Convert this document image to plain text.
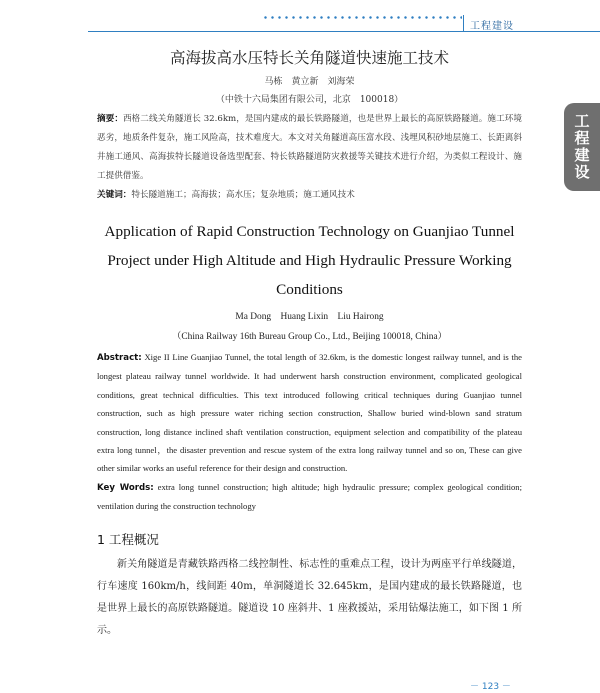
工程建设
工程建设
高海拔高水压特长关角隧道快速施工技术

马栋　黄立新　刘海荣

（中铁十六局集团有限公司，北京　100018）

摘要：西格二线关角隧道长 32.6km，是国内建成的最长铁路隧道，也是世界上最长的高原铁路隧道。施工环境恶劣，地质条件复杂，施工风险高，技术难度大。本文对关角隧道高压富水段、浅埋风积砂地层施工、长距离斜井施工通风、高海拔特长隧道设备选型配套、特长铁路隧道防灾救援等关键技术进行介绍，为类似工程设计、施工提供借鉴。

关键词：特长隧道施工；高海拔；高水压；复杂地质；施工通风技术

Application of Rapid Construction Technology on Guanjiao Tunnel Project under High Altitude and High Hydraulic Pressure Working Conditions

Ma Dong　Huang Lixin　Liu Hairong

（China Railway 16th Bureau Group Co., Ltd., Beijing 100018, China）

Abstract: Xige II Line Guanjiao Tunnel, the total length of 32.6km, is the domestic longest railway tunnel, and is the longest plateau railway tunnel worldwide. It had underwent harsh construction environment, complicated geological conditions, great technical difficulties. This text introduced following critical techniques during Guanjiao tunnel construction, such as high pressure water riching section construction, Shallow buried wind-blown sand stratum construction, long distance inclined shaft ventilation construction, equipment selection and compatibility of the plateau extra long tunnel，the disaster prevention and rescue system of the extra long railway tunnel and so on, These can give other similar works an useful reference for their design and construction.

Key Words: extra long tunnel construction; high altitude; high hydraulic pressure; complex geological condition; ventilation during the construction technology

1 工程概况

新关角隧道是青藏铁路西格二线控制性、标志性的重难点工程，设计为两座平行单线隧道，行车速度 160km/h，线间距 40m，单洞隧道长 32.645km，是国内建成的最长铁路隧道，也是世界上最长的高原铁路隧道。隧道设 10 座斜井、1 座救援站，采用钻爆法施工，如下图 1 所示。

－ 123 －
